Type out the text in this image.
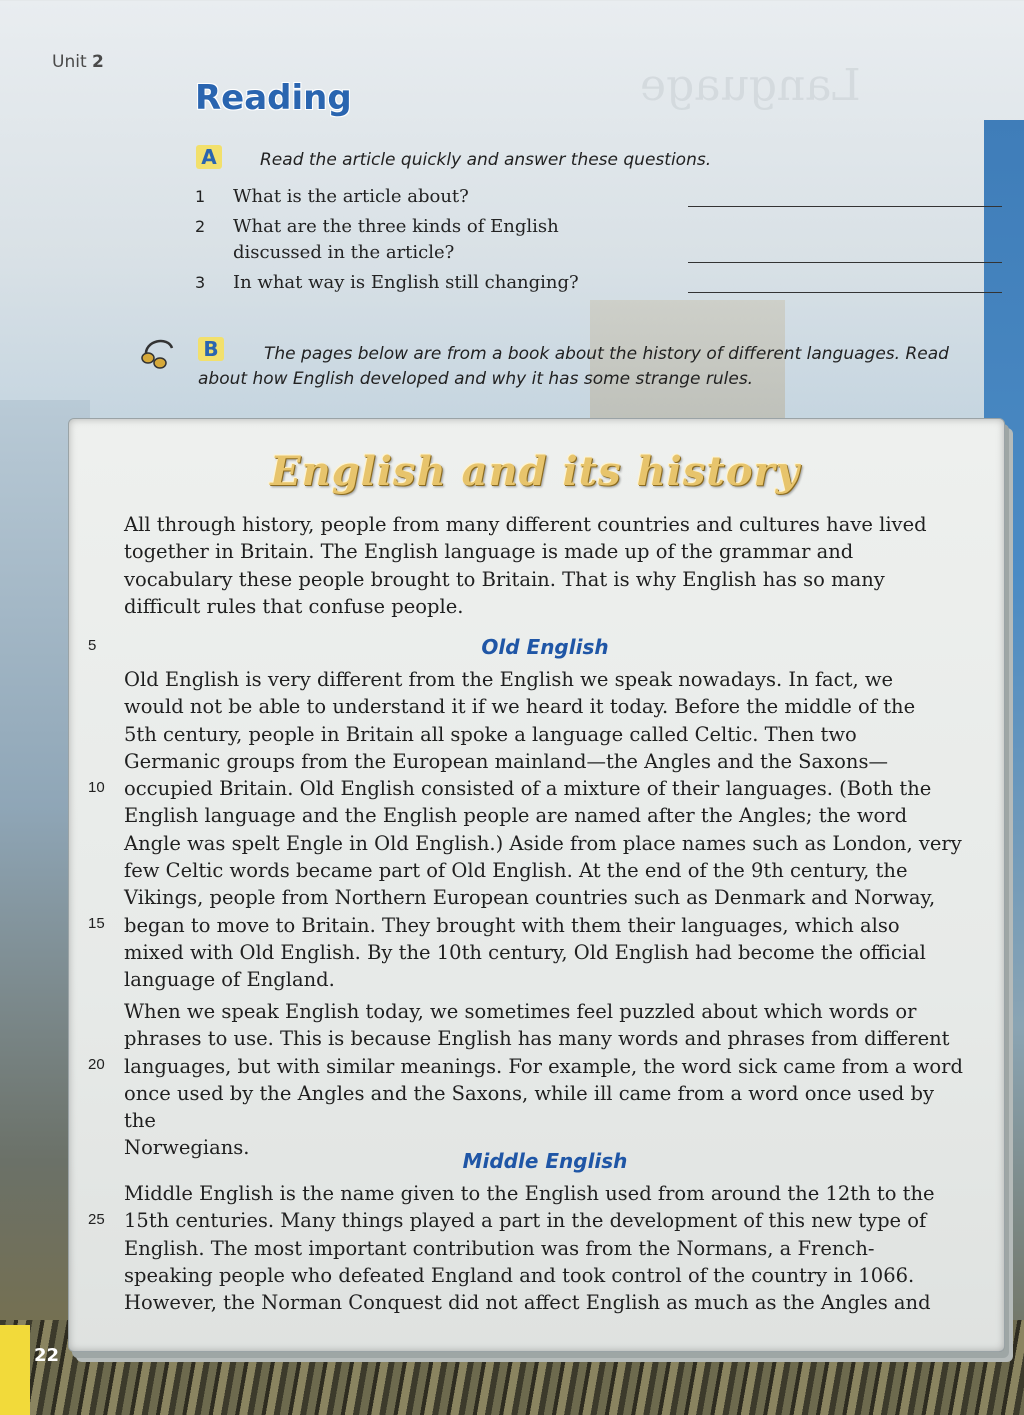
Language
Unit 2
Reading
A	Read the article quickly and answer these questions.
1 What is the article about?
2 What are the three kinds of English
discussed in the article?
3 In what way is English still changing?
B	The pages below are from a book about the history of different languages. Read
about how English developed and why it has some strange rules.
English and its history
All through history, people from many different countries and cultures have lived
together in Britain. The English language is made up of the grammar and
vocabulary these people brought to Britain. That is why English has so many
difficult rules that confuse people.
Old English
Old English is very different from the English we speak nowadays. In fact, we
would not be able to understand it if we heard it today. Before the middle of the
5th century, people in Britain all spoke a language called Celtic. Then two
Germanic groups from the European mainland—the Angles and the Saxons—
occupied Britain. Old English consisted of a mixture of their languages. (Both the
English language and the English people are named after the Angles; the word
Angle was spelt Engle in Old English.) Aside from place names such as London, very
few Celtic words became part of Old English. At the end of the 9th century, the
Vikings, people from Northern European countries such as Denmark and Norway,
began to move to Britain. They brought with them their languages, which also
mixed with Old English. By the 10th century, Old English had become the official
language of England.
When we speak English today, we sometimes feel puzzled about which words or
phrases to use. This is because English has many words and phrases from different
languages, but with similar meanings. For example, the word sick came from a word
once used by the Angles and the Saxons, while ill came from a word once used by the
Norwegians.
Middle English
Middle English is the name given to the English used from around the 12th to the
15th centuries. Many things played a part in the development of this new type of
English. The most important contribution was from the Normans, a French-
speaking people who defeated England and took control of the country in 1066.
However, the Norman Conquest did not affect English as much as the Angles and
5
10
15
20
25
22
